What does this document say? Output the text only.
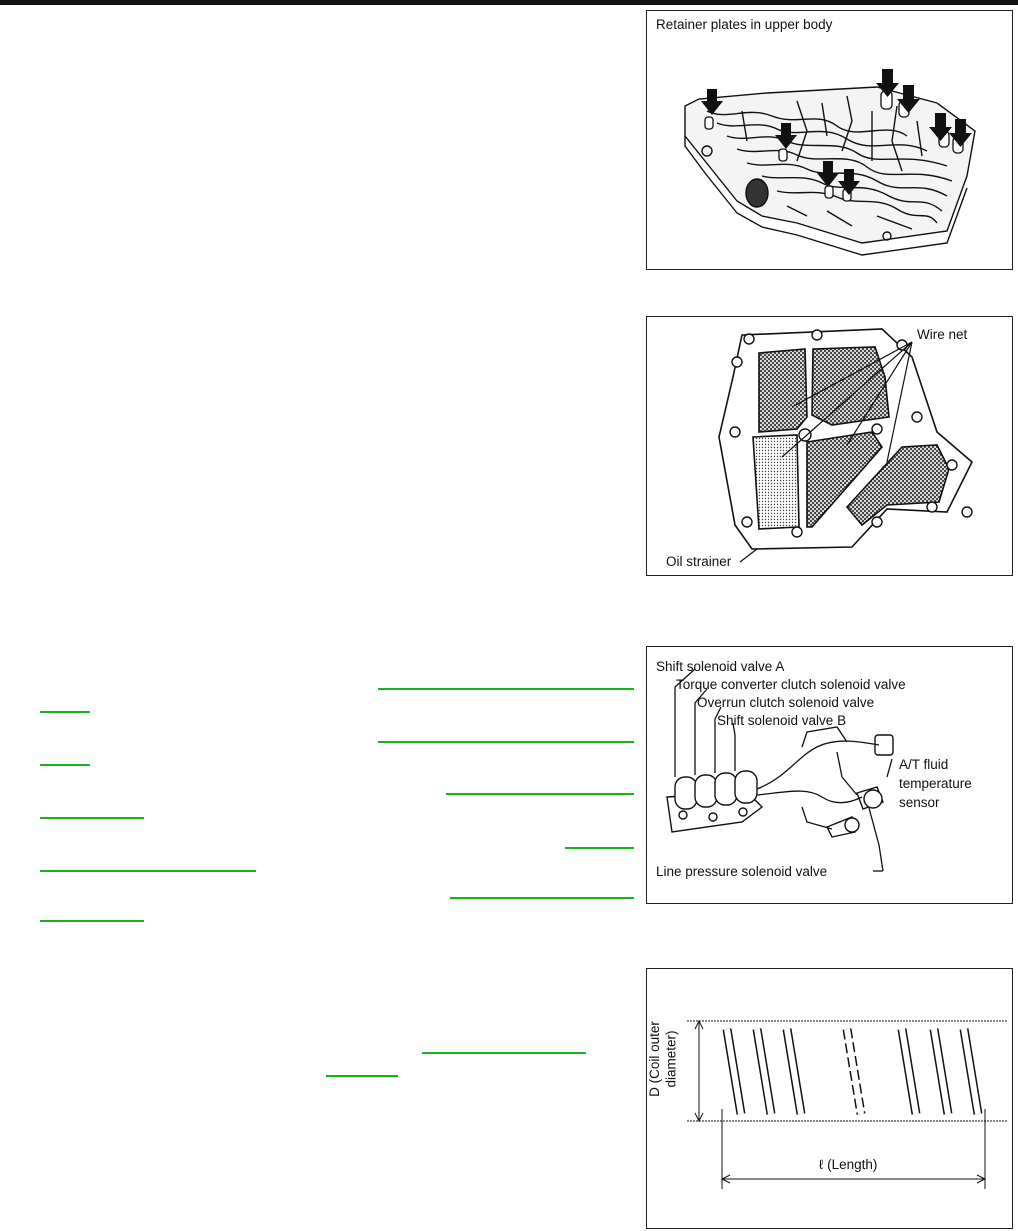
Retainer plates in upper body
Wire net
Oil strainer
Shift solenoid valve A
Torque converter clutch solenoid valve
Overrun clutch solenoid valve
Shift solenoid valve B
A/T fluid
temperature
sensor
Line pressure solenoid valve
D (Coil outer diameter)
ℓ (Length)
